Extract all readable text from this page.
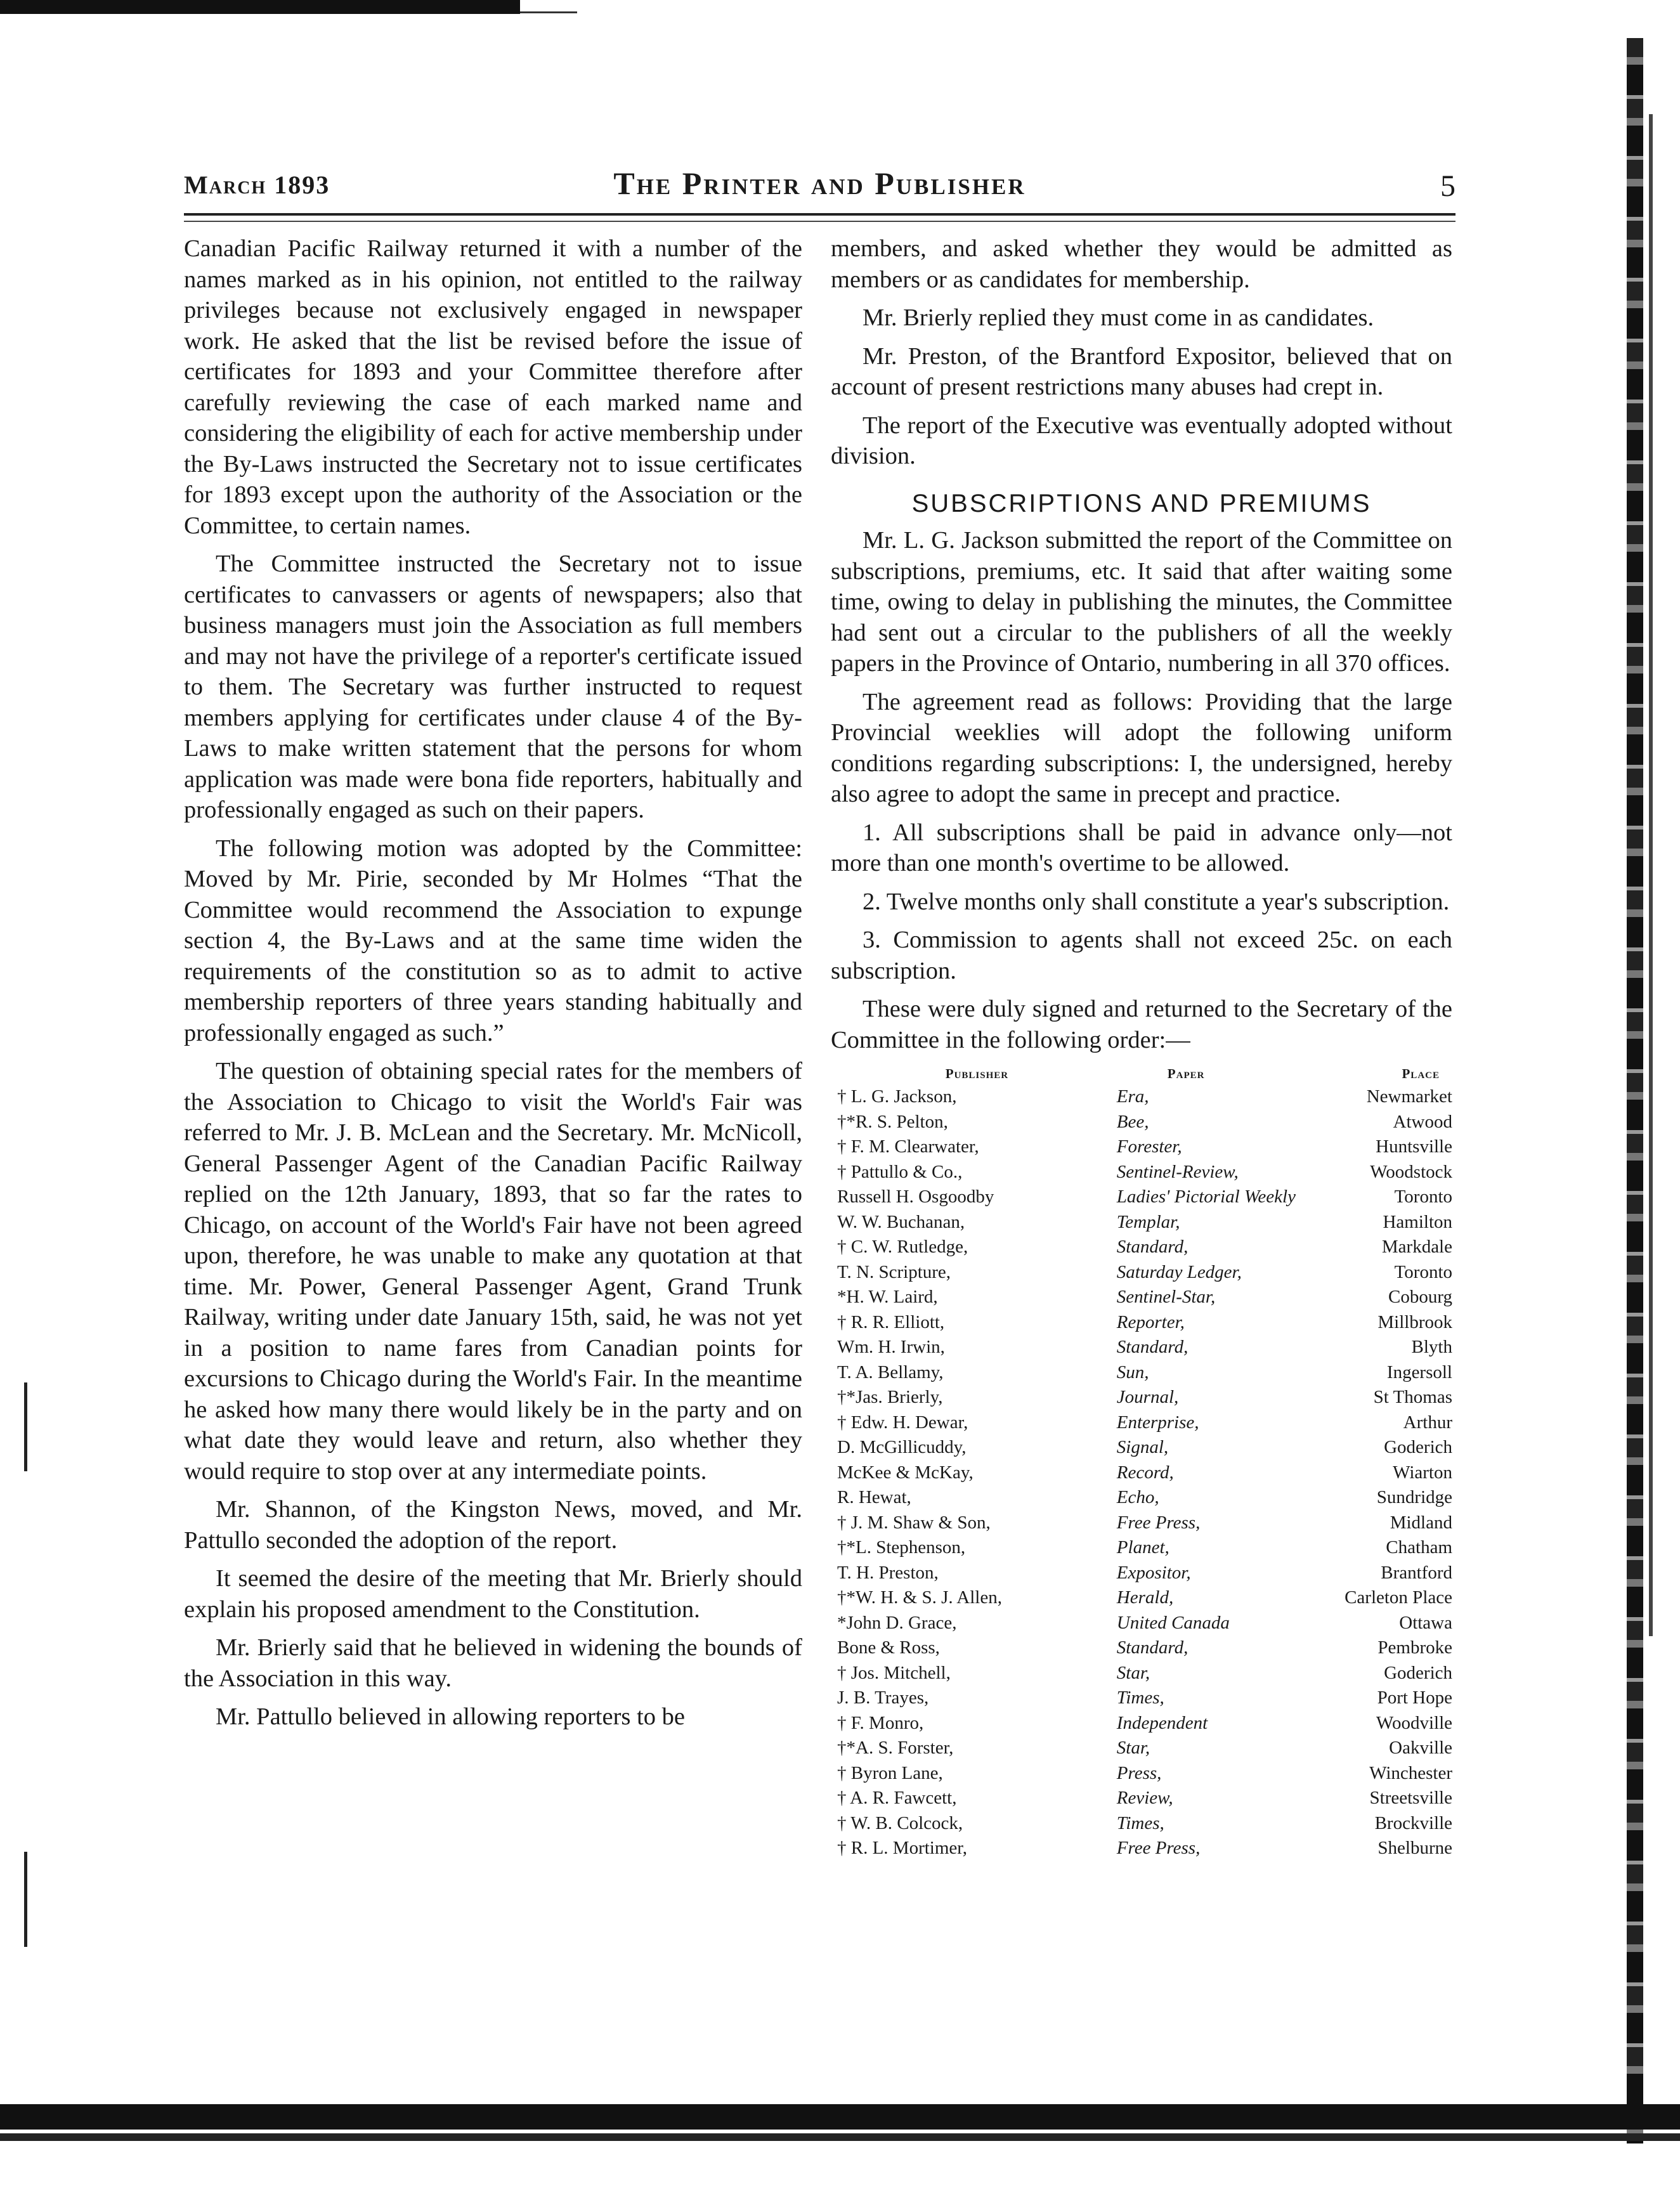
March 1893	The Printer and Publisher	5

Canadian Pacific Railway returned it with a number of the names marked as in his opinion, not entitled to the railway privileges because not exclusively engaged in newspaper work. He asked that the list be revised before the issue of certificates for 1893 and your Committee therefore after carefully reviewing the case of each marked name and considering the eligibility of each for active membership under the By-Laws instructed the Secretary not to issue certificates for 1893 except upon the authority of the Association or the Committee, to certain names.

The Committee instructed the Secretary not to issue certificates to canvassers or agents of newspapers; also that business managers must join the Association as full members and may not have the privilege of a reporter's certificate issued to them. The Secretary was further instructed to request members applying for certificates under clause 4 of the By-Laws to make written statement that the persons for whom application was made were bona fide reporters, habitually and professionally engaged as such on their papers.

The following motion was adopted by the Committee: Moved by Mr. Pirie, seconded by Mr Holmes “That the Committee would recommend the Association to expunge section 4, the By-Laws and at the same time widen the requirements of the constitution so as to admit to active membership reporters of three years standing habitually and professionally engaged as such.”

The question of obtaining special rates for the members of the Association to Chicago to visit the World's Fair was referred to Mr. J. B. McLean and the Secretary. Mr. McNicoll, General Passenger Agent of the Canadian Pacific Railway replied on the 12th January, 1893, that so far the rates to Chicago, on account of the World's Fair have not been agreed upon, therefore, he was unable to make any quotation at that time. Mr. Power, General Passenger Agent, Grand Trunk Railway, writing under date January 15th, said, he was not yet in a position to name fares from Canadian points for excursions to Chicago during the World's Fair. In the meantime he asked how many there would likely be in the party and on what date they would leave and return, also whether they would require to stop over at any intermediate points.

Mr. Shannon, of the Kingston News, moved, and Mr. Pattullo seconded the adoption of the report.

It seemed the desire of the meeting that Mr. Brierly should explain his proposed amendment to the Constitution.

Mr. Brierly said that he believed in widening the bounds of the Association in this way.

Mr. Pattullo believed in allowing reporters to be

members, and asked whether they would be admitted as members or as candidates for membership.

Mr. Brierly replied they must come in as candidates.

Mr. Preston, of the Brantford Expositor, believed that on account of present restrictions many abuses had crept in.

The report of the Executive was eventually adopted without division.

SUBSCRIPTIONS AND PREMIUMS

Mr. L. G. Jackson submitted the report of the Committee on subscriptions, premiums, etc. It said that after waiting some time, owing to delay in publishing the minutes, the Committee had sent out a circular to the publishers of all the weekly papers in the Province of Ontario, numbering in all 370 offices.

The agreement read as follows: Providing that the large Provincial weeklies will adopt the following uniform conditions regarding subscriptions: I, the undersigned, hereby also agree to adopt the same in precept and practice.

1. All subscriptions shall be paid in advance only—not more than one month's overtime to be allowed.

2. Twelve months only shall constitute a year's subscription.

3. Commission to agents shall not exceed 25c. on each subscription.

These were duly signed and returned to the Secretary of the Committee in the following order:—

Publisher	Paper	Place
† L. G. Jackson,	Era,	Newmarket
†*R. S. Pelton,	Bee,	Atwood
† F. M. Clearwater,	Forester,	Huntsville
† Pattullo & Co.,	Sentinel-Review,	Woodstock
Russell H. Osgoodby	Ladies' Pictorial Weekly	Toronto
W. W. Buchanan,	Templar,	Hamilton
† C. W. Rutledge,	Standard,	Markdale
T. N. Scripture,	Saturday Ledger,	Toronto
*H. W. Laird,	Sentinel-Star,	Cobourg
† R. R. Elliott,	Reporter,	Millbrook
Wm. H. Irwin,	Standard,	Blyth
T. A. Bellamy,	Sun,	Ingersoll
†*Jas. Brierly,	Journal,	St Thomas
† Edw. H. Dewar,	Enterprise,	Arthur
D. McGillicuddy,	Signal,	Goderich
McKee & McKay,	Record,	Wiarton
R. Hewat,	Echo,	Sundridge
† J. M. Shaw & Son,	Free Press,	Midland
†*L. Stephenson,	Planet,	Chatham
T. H. Preston,	Expositor,	Brantford
†*W. H. & S. J. Allen,	Herald,	Carleton Place
*John D. Grace,	United Canada	Ottawa
Bone & Ross,	Standard,	Pembroke
† Jos. Mitchell,	Star,	Goderich
J. B. Trayes,	Times,	Port Hope
† F. Monro,	Independent	Woodville
†*A. S. Forster,	Star,	Oakville
† Byron Lane,	Press,	Winchester
† A. R. Fawcett,	Review,	Streetsville
† W. B. Colcock,	Times,	Brockville
† R. L. Mortimer,	Free Press,	Shelburne
